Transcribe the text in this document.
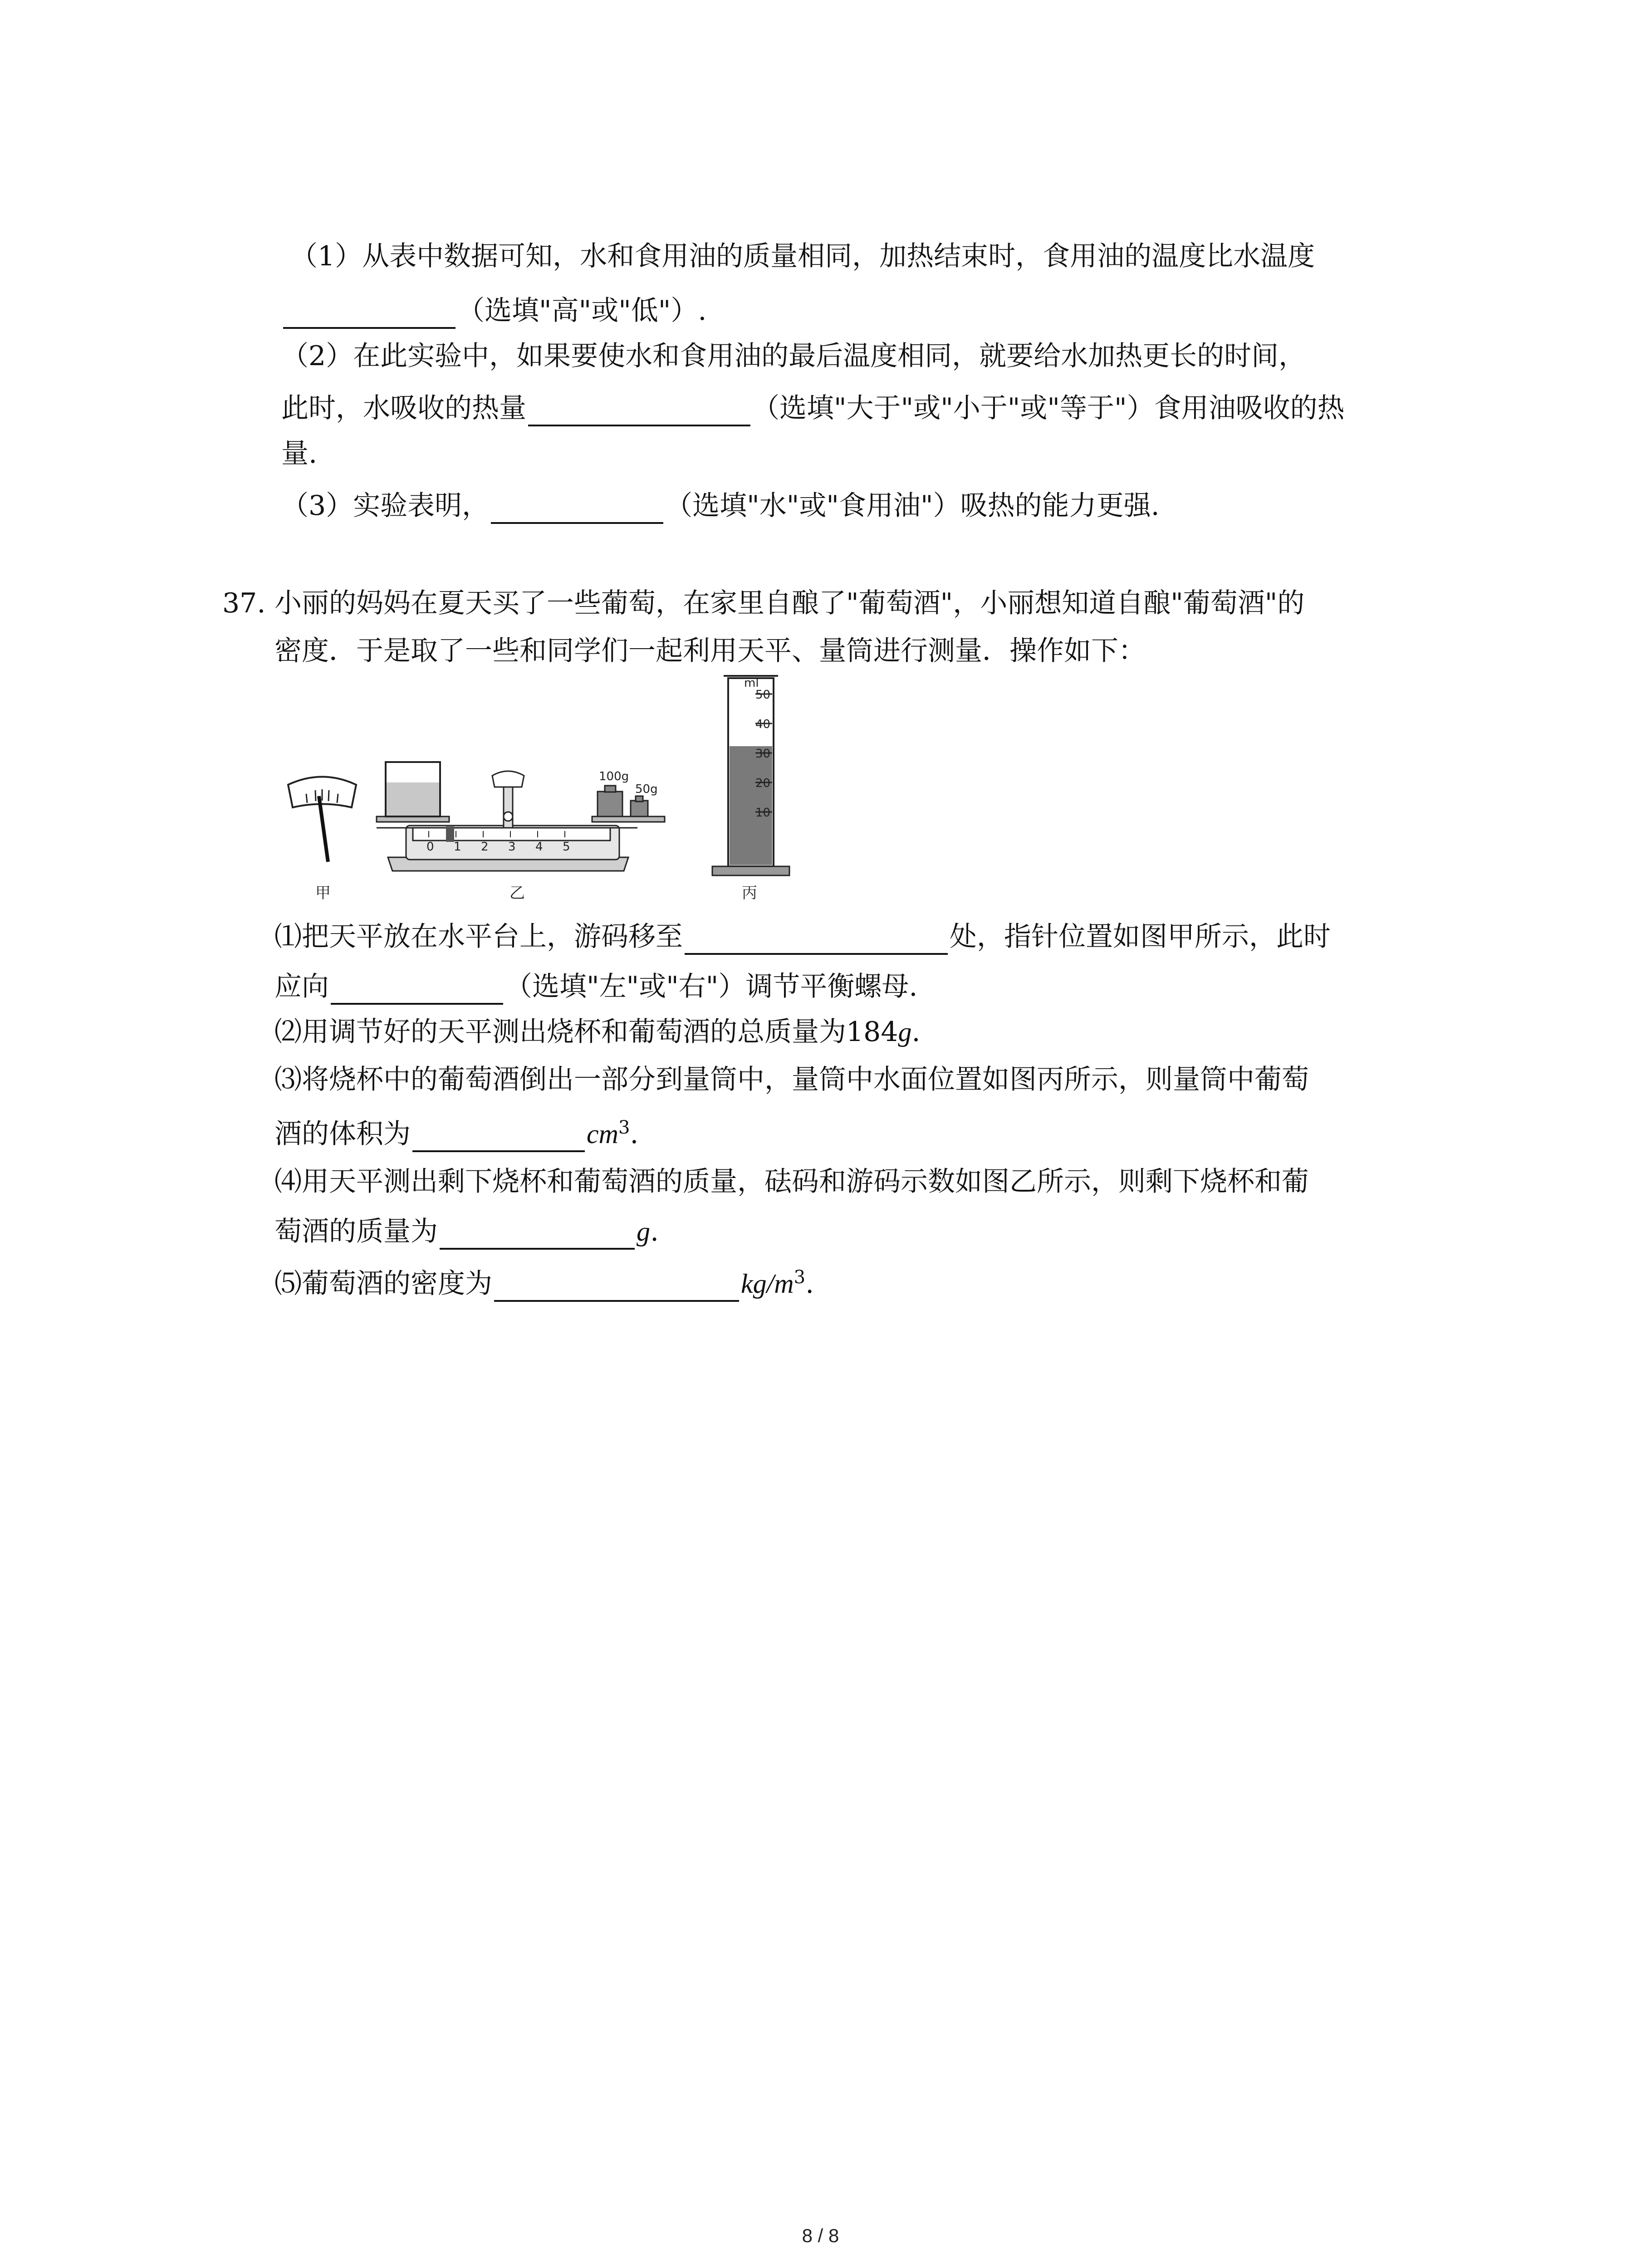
（1）从表中数据可知，水和食用油的质量相同，加热结束时，食用油的温度比水温度
（选填"高"或"低"）.
（2）在此实验中，如果要使水和食用油的最后温度相同，就要给水加热更长的时间，
此时，水吸收的热量	（选填"大于"或"小于"或"等于"）食用油吸收的热
量.
（3）实验表明，	（选填"水"或"食用油"）吸热的能力更强.
37. 小丽的妈妈在夏天买了一些葡萄，在家里自酿了"葡萄酒"，小丽想知道自酿"葡萄酒"的
密度．于是取了一些和同学们一起利用天平、量筒进行测量．操作如下：
甲
0 1 2 3 4 5
100g
50g
乙
ml
50
40
30
20
10
丙
⑴把天平放在水平台上，游码移至	处，指针位置如图甲所示，此时
应向	（选填"左"或"右"）调节平衡螺母.
⑵用调节好的天平测出烧杯和葡萄酒的总质量为184g.
⑶将烧杯中的葡萄酒倒出一部分到量筒中，量筒中水面位置如图丙所示，则量筒中葡萄
酒的体积为	$cm^3$.
⑷用天平测出剩下烧杯和葡萄酒的质量，砝码和游码示数如图乙所示，则剩下烧杯和葡
萄酒的质量为	g.
⑸葡萄酒的密度为	$kg/m^3$.
8 / 8
